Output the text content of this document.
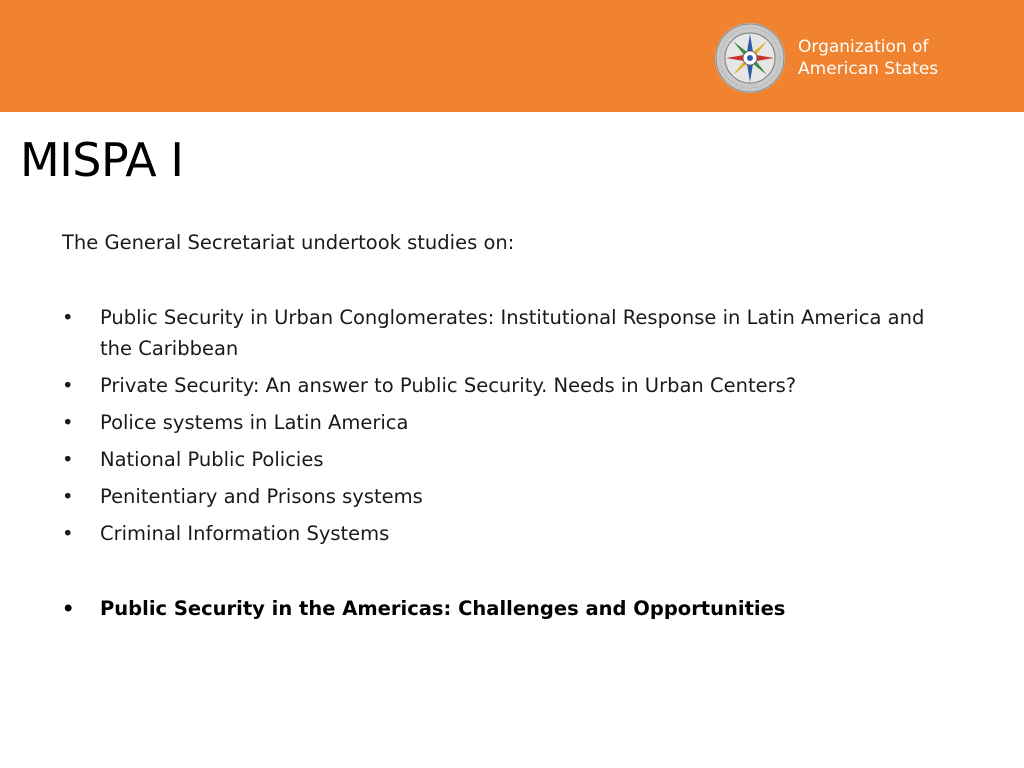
Organization of
American States
MISPA I

The General Secretariat undertook studies on:

• Public Security in Urban Conglomerates: Institutional Response in Latin America and the Caribbean
• Private Security: An answer to Public Security. Needs in Urban Centers?
• Police systems in Latin America
• National Public Policies
• Penitentiary and Prisons systems
• Criminal Information Systems
• Public Security in the Americas: Challenges and Opportunities
